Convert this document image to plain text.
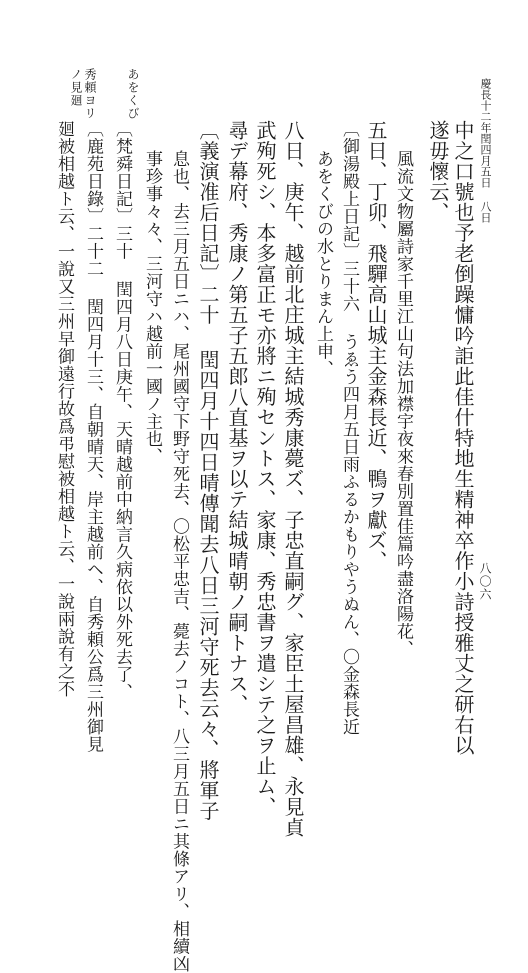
慶長十二年閏四月五日 八日
八〇六
あをくび
秀頼ヨリ
ノ見廻
中之口號也予老倒躁慵吟詎此佳什特地生精神卒作小詩授雅丈之研右以
遂毋懷云、
風流文物屬詩家千里江山句法加襟宇夜來春別置佳篇吟盡洛陽花、
五日、丁卯、飛驒高山城主金森長近、鴨ヲ獻ズ、
〔御湯殿上日記〕三十六 うゑう四月五日雨ふるかもりやうぬん、〇金森長近
あをくびの水とりまん上申、
八日、庚午、越前北庄城主結城秀康薨ズ、子忠直嗣グ、家臣土屋昌雄、永見貞
武殉死シ、本多富正モ亦將ニ殉セントス、家康、秀忠書ヲ遣シテ之ヲ止ム、
尋デ幕府、秀康ノ第五子五郎八直基ヲ以テ結城晴朝ノ嗣トナス、
〔義演准后日記〕二十 閏四月十四日晴傳聞去八日三河守死去云々、將軍子
息也、去三月五日ニハ、尾州國守下野守死去、〇松平忠吉、薨去ノコト、八三月五日ニ其條アリ、相續凶
事珍事々々、三河守ハ越前一國ノ主也、
〔梵舜日記〕三十 閏四月八日庚午、天晴越前中納言久病依以外死去了、
〔鹿苑日錄〕二十二 閏四月十三、自朝晴天、岸主越前ヘ、自秀頼公爲三州御見
廻被相越ト云、一說又三州早御遠行故爲弔慰被相越ト云、一說兩說有之不
